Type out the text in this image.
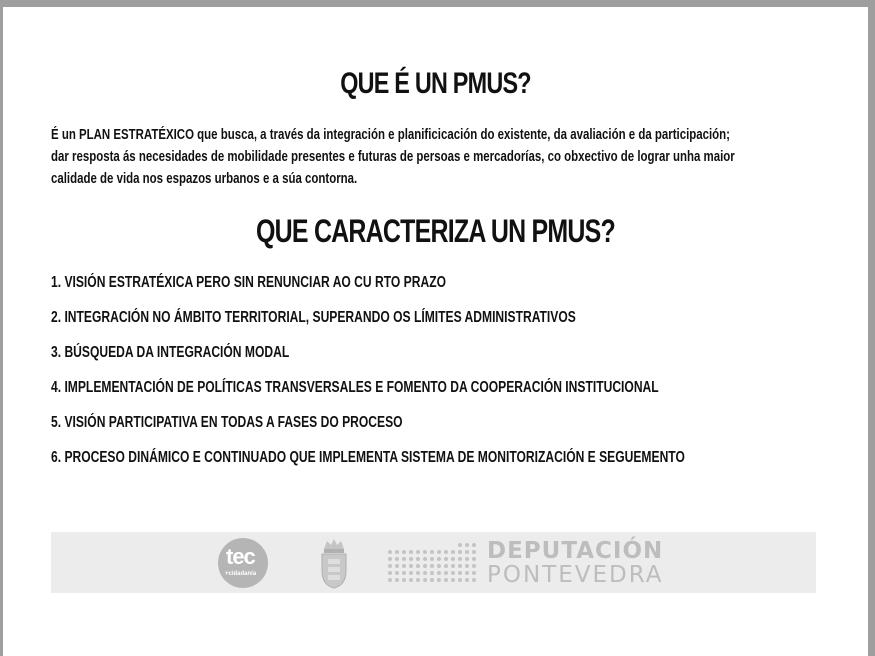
QUE É UN PMUS?

É un PLAN ESTRATÉXICO que busca, a través da integración e planificicación do existente, da avaliación e da participación;
dar resposta ás necesidades de mobilidade presentes e futuras de persoas e mercadorías, co obxectivo de lograr unha maior
calidade de vida nos espazos urbanos e a súa contorna.

QUE CARACTERIZA UN PMUS?
1. VISIÓN ESTRATÉXICA PERO SIN RENUNCIAR AO CU RTO PRAZO
2. INTEGRACIÓN NO ÁMBITO TERRITORIAL, SUPERANDO OS LÍMITES ADMINISTRATIVOS
3. BÚSQUEDA DA INTEGRACIÓN MODAL
4. IMPLEMENTACIÓN DE POLÍTICAS TRANSVERSALES E FOMENTO DA COOPERACIÓN INSTITUCIONAL
5. VISIÓN PARTICIPATIVA EN TODAS A FASES DO PROCESO
6. PROCESO DINÁMICO E CONTINUADO QUE IMPLEMENTA SISTEMA DE MONITORIZACIÓN E SEGUEMENTO
tec
+cidadanía
DEPUTACIÓN
PONTEVEDRA
